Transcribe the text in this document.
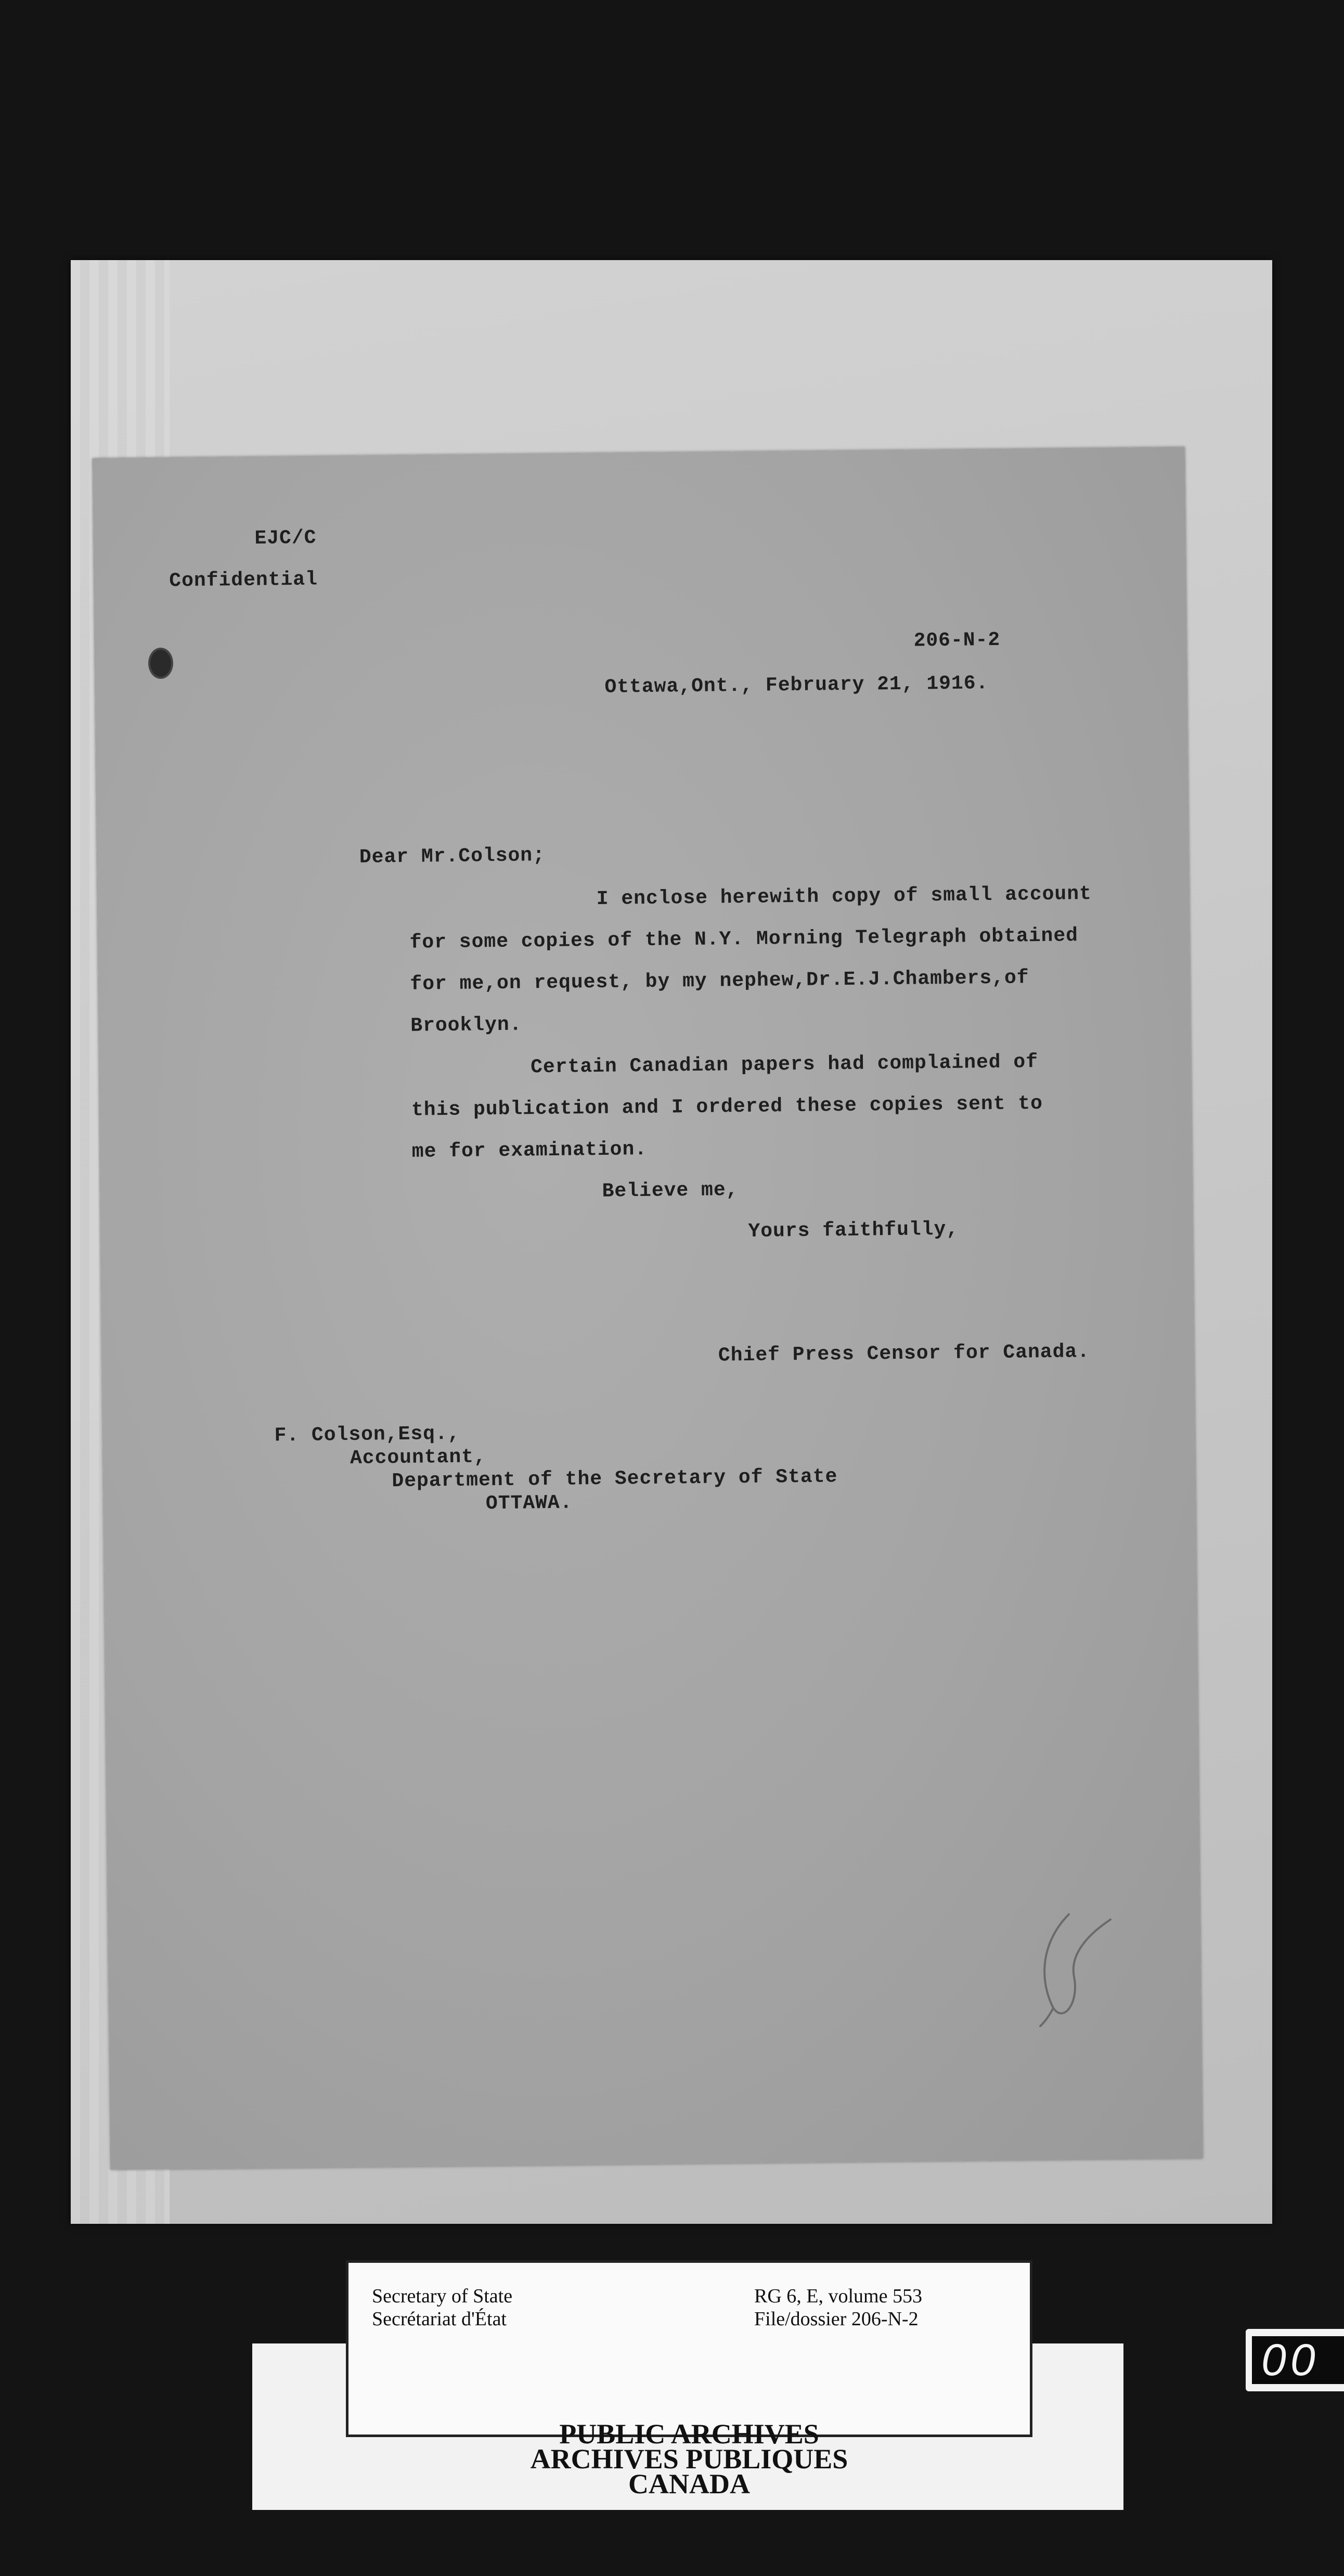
EJC/C

Confidential

206-N-2

Ottawa,Ont., February 21, 1916.

Dear Mr.Colson;

I enclose herewith copy of small account

for some copies of the N.Y. Morning Telegraph obtained

for me,on request, by my nephew,Dr.E.J.Chambers,of

Brooklyn.

Certain Canadian papers had complained of

this publication and I ordered these copies sent to

me for examination.

Believe me,

Yours faithfully,

Chief Press Censor for Canada.

F. Colson,Esq.,

Accountant,

Department of the Secretary of State

OTTAWA.

Secretary of State
Secrétariat d'État
RG 6, E, volume 553
File/dossier 206-N-2
PUBLIC ARCHIVES
ARCHIVES PUBLIQUES
CANADA
00
